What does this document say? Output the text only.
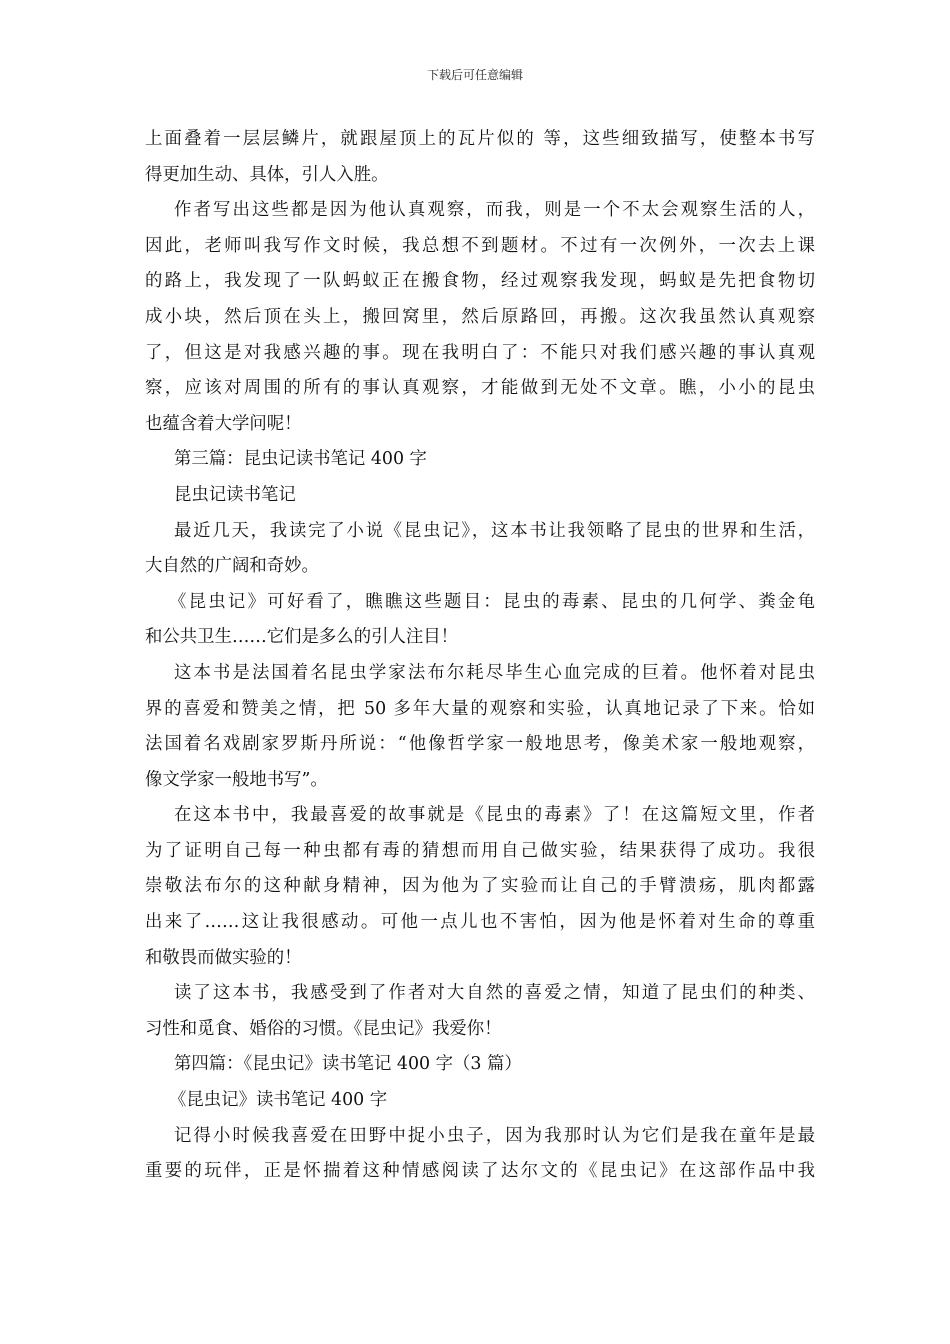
下载后可任意编辑
上面叠着一层层鳞片，就跟屋顶上的瓦片似的 等，这些细致描写，使整本书写
得更加生动、具体，引人入胜。
作者写出这些都是因为他认真观察，而我，则是一个不太会观察生活的人，
因此，老师叫我写作文时候，我总想不到题材。不过有一次例外，一次去上课
的路上，我发现了一队蚂蚁正在搬食物，经过观察我发现，蚂蚁是先把食物切
成小块，然后顶在头上，搬回窝里，然后原路回，再搬。这次我虽然认真观察
了，但这是对我感兴趣的事。现在我明白了：不能只对我们感兴趣的事认真观
察，应该对周围的所有的事认真观察，才能做到无处不文章。瞧，小小的昆虫
也蕴含着大学问呢！
第三篇：昆虫记读书笔记 400 字
昆虫记读书笔记
最近几天，我读完了小说《昆虫记》，这本书让我领略了昆虫的世界和生活，
大自然的广阔和奇妙。
《昆虫记》可好看了，瞧瞧这些题目：昆虫的毒素、昆虫的几何学、粪金龟
和公共卫生……它们是多么的引人注目！
这本书是法国着名昆虫学家法布尔耗尽毕生心血完成的巨着。他怀着对昆虫
界的喜爱和赞美之情，把 50 多年大量的观察和实验，认真地记录了下来。恰如
法国着名戏剧家罗斯丹所说：“他像哲学家一般地思考，像美术家一般地观察，
像文学家一般地书写”。
在这本书中，我最喜爱的故事就是《昆虫的毒素》了！在这篇短文里，作者
为了证明自己每一种虫都有毒的猜想而用自己做实验，结果获得了成功。我很
崇敬法布尔的这种献身精神，因为他为了实验而让自己的手臂溃疡，肌肉都露
出来了……这让我很感动。可他一点儿也不害怕，因为他是怀着对生命的尊重
和敬畏而做实验的！
读了这本书，我感受到了作者对大自然的喜爱之情，知道了昆虫们的种类、
习性和觅食、婚俗的习惯。《昆虫记》我爱你！
第四篇：《昆虫记》读书笔记 400 字（3 篇）
《昆虫记》读书笔记 400 字
记得小时候我喜爱在田野中捉小虫子，因为我那时认为它们是我在童年是最
重要的玩伴，正是怀揣着这种情感阅读了达尔文的《昆虫记》在这部作品中我
